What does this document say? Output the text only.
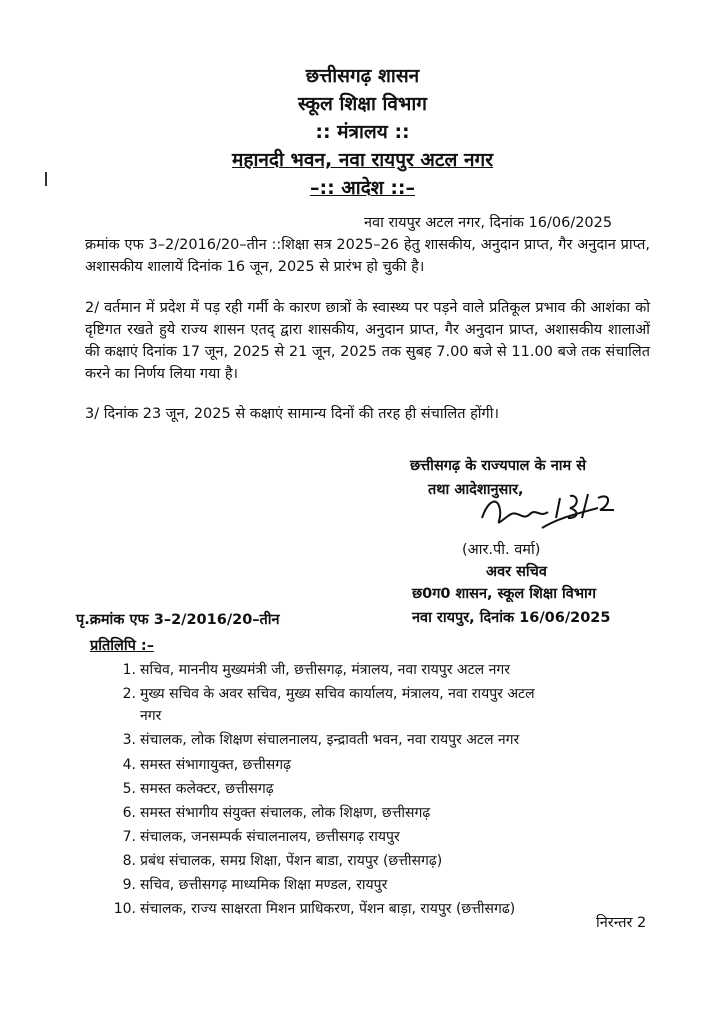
छत्तीसगढ़ शासन
स्कूल शिक्षा विभाग
:: मंत्रालय ::
महानदी भवन, नवा रायपुर अटल नगर
–:: आदेश ::–
नवा रायपुर अटल नगर, दिनांक 16/06/2025
क्रमांक एफ 3–2/2016/20–तीन ::शिक्षा सत्र 2025–26 हेतु शासकीय, अनुदान प्राप्त, गैर अनुदान प्राप्त, अशासकीय शालायें दिनांक 16 जून, 2025 से प्रारंभ हो चुकी है।
2/ वर्तमान में प्रदेश में पड़ रही गर्मी के कारण छात्रों के स्वास्थ्य पर पड़ने वाले प्रतिकूल प्रभाव की आशंका को दृष्टिगत रखते हुये राज्य शासन एतद् द्वारा शासकीय, अनुदान प्राप्त, गैर अनुदान प्राप्त, अशासकीय शालाओं की कक्षाएं दिनांक 17 जून, 2025 से 21 जून, 2025 तक सुबह 7.00 बजे से 11.00 बजे तक संचालित करने का निर्णय लिया गया है।
3/ दिनांक 23 जून, 2025 से कक्षाएं सामान्य दिनों की तरह ही संचालित होंगी।
छत्तीसगढ़ के राज्यपाल के नाम से
तथा आदेशानुसार,
(आर.पी. वर्मा)
अवर सचिव
छ0ग0 शासन, स्कूल शिक्षा विभाग
नवा रायपुर, दिनांक 16/06/2025
पृ.क्रमांक एफ 3–2/2016/20–तीन
प्रतिलिपि :–
1. सचिव, माननीय मुख्यमंत्री जी, छत्तीसगढ़, मंत्रालय, नवा रायपुर अटल नगर
2. मुख्य सचिव के अवर सचिव, मुख्य सचिव कार्यालय, मंत्रालय, नवा रायपुर अटल
नगर
3. संचालक, लोक शिक्षण संचालनालय, इन्द्रावती भवन, नवा रायपुर अटल नगर
4. समस्त संभागायुक्त, छत्तीसगढ़
5. समस्त कलेक्टर, छत्तीसगढ़
6. समस्त संभागीय संयुक्त संचालक, लोक शिक्षण, छत्तीसगढ़
7. संचालक, जनसम्पर्क संचालनालय, छत्तीसगढ़ रायपुर
8. प्रबंध संचालक, समग्र शिक्षा, पेंशन बाडा, रायपुर (छत्तीसगढ़)
9. सचिव, छत्तीसगढ़ माध्यमिक शिक्षा मण्डल, रायपुर
10. संचालक, राज्य साक्षरता मिशन प्राधिकरण, पेंशन बाड़ा, रायपुर (छत्तीसगढ)
निरन्तर 2
